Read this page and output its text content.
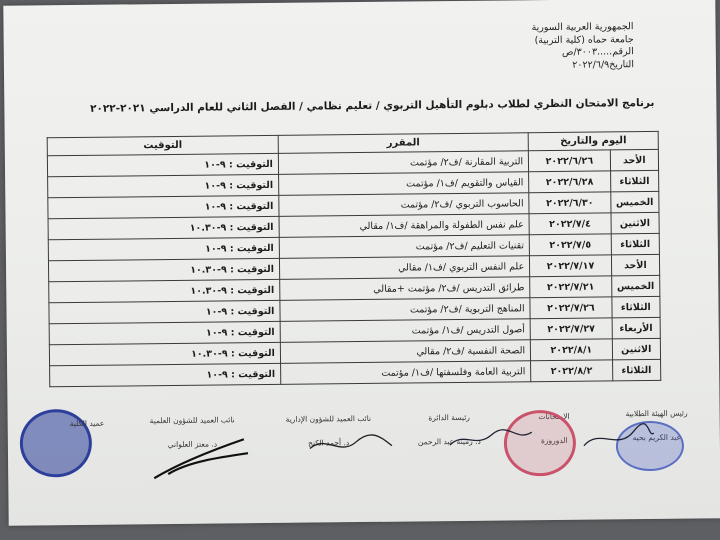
الجمهورية العربية السورية
جامعة حماه (كلية التربية)
الرقم.....٣٠٠٣/ص
التاريخ٢٠٢٢/٦/٩
برنامج الامتحان النظري لطلاب دبلوم التأهيل التربوي / تعليم نظامي / الفصل الثاني للعام الدراسي ٢٠٢١-٢٠٢٢
اليوم والتاريخ		المقرر	التوقيت
الأحد	٢٠٢٢/٦/٢٦	التربية المقارنة /ف٢/ مؤتمت	التوقيت : ٩-١٠
الثلاثاء	٢٠٢٢/٦/٢٨	القياس والتقويم /ف١/ مؤتمت	التوقيت : ٩-١٠
الخميس	٢٠٢٢/٦/٣٠	الحاسوب التربوي /ف٢/ مؤتمت	التوقيت : ٩-١٠
الاثنين	٢٠٢٢/٧/٤	علم نفس الطفولة والمراهقة /ف١/ مقالي	التوقيت : ٩-١٠.٣٠
الثلاثاء	٢٠٢٢/٧/٥	تقنيات التعليم /ف٢/ مؤتمت	التوقيت : ٩-١٠
الأحد	٢٠٢٢/٧/١٧	علم النفس التربوي /ف١/ مقالي	التوقيت : ٩-١٠.٣٠
الخميس	٢٠٢٢/٧/٢١	طرائق التدريس /ف٢/ مؤتمت +مقالي	التوقيت : ٩-١٠.٣٠
الثلاثاء	٢٠٢٢/٧/٢٦	المناهج التربوية /ف٢/ مؤتمت	التوقيت : ٩-١٠
الأربعاء	٢٠٢٢/٧/٢٧	أصول التدريس /ف١/ مؤتمت	التوقيت : ٩-١٠
الاثنين	٢٠٢٢/٨/١	الصحة النفسية /ف٢/ مقالي	التوقيت : ٩-١٠.٣٠
الثلاثاء	٢٠٢٢/٨/٢	التربية العامة وفلسفتها /ف١/ مؤتمت	التوقيت : ٩-١٠
رئيس الهيئة الطلابية
عبد الكريم بحيه
الامتحانات
الدوروزة
رئيسة الدائرة
د. رمينة عبد الرحمن
نائب العميد للشؤون الإدارية
د. أحمد الكنج
نائب العميد للشؤون العلمية
د. معتز العلواني
عميد الكلية
